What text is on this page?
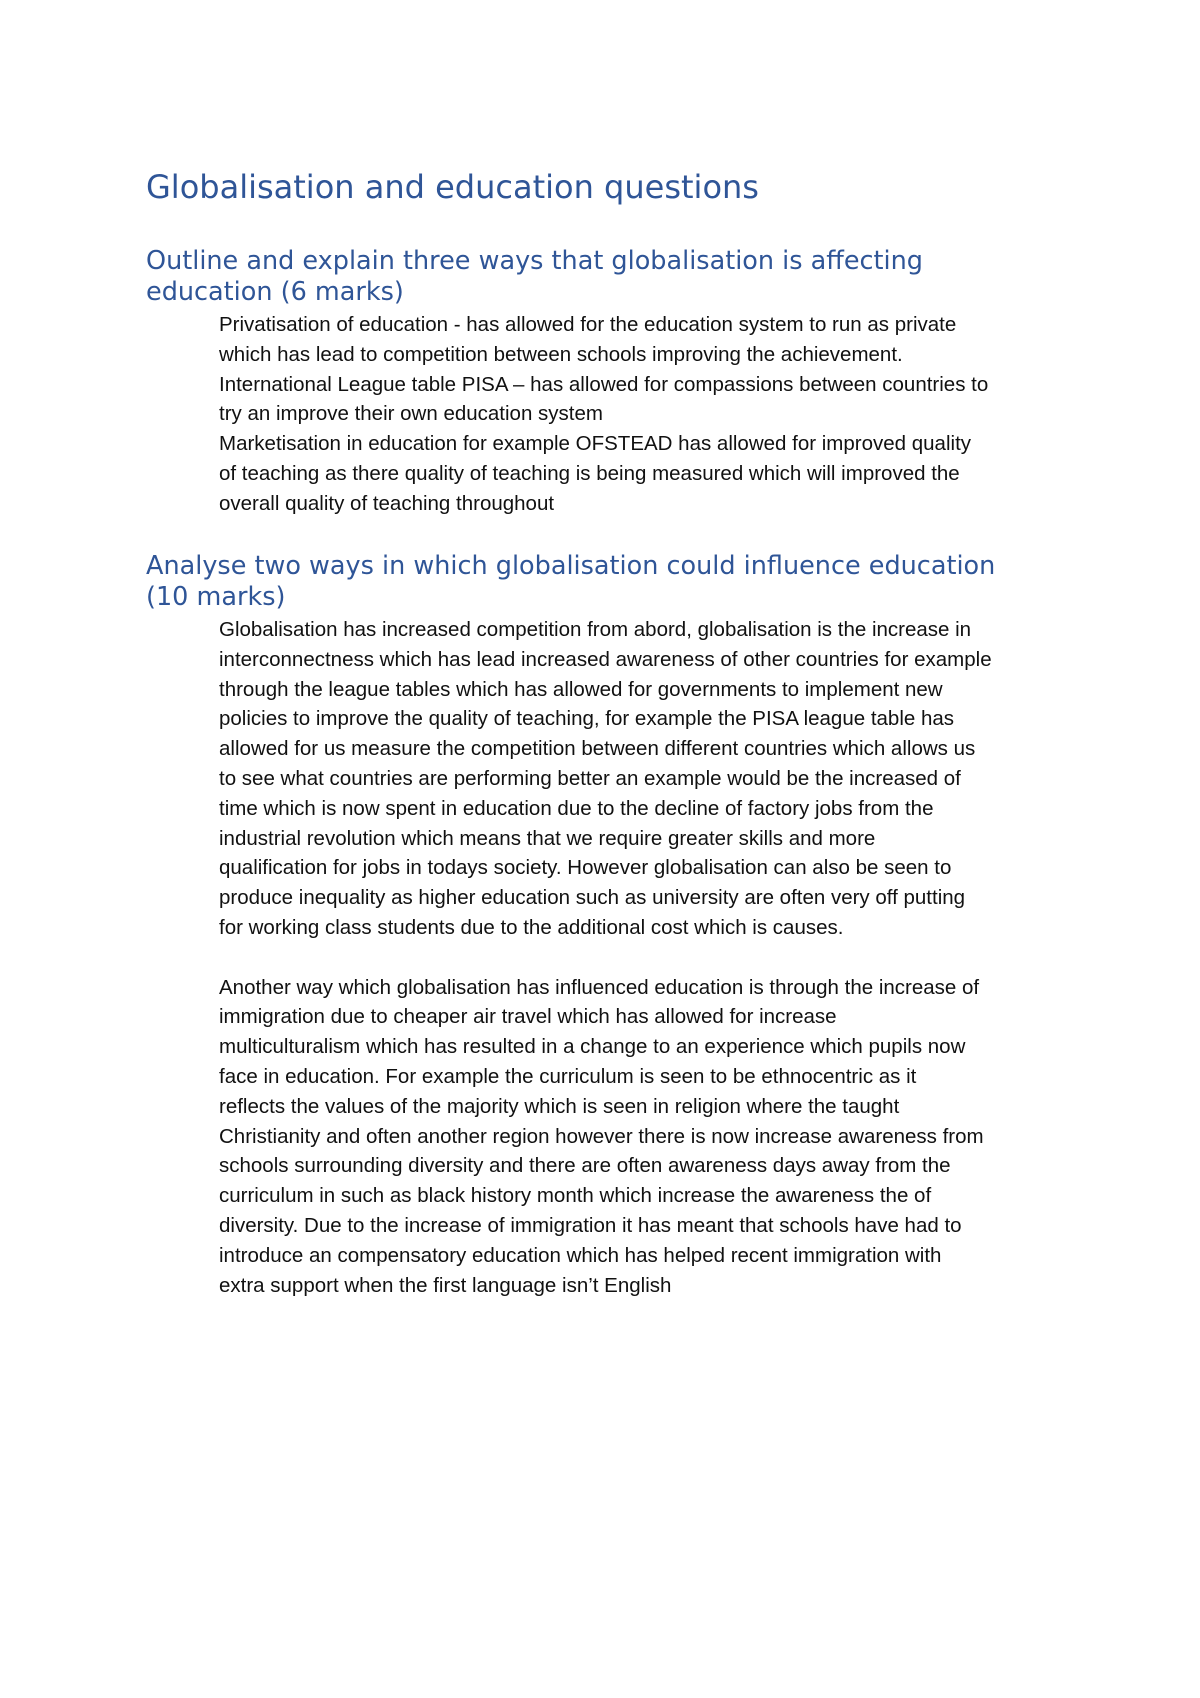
Globalisation and education questions
Outline and explain three ways that globalisation is affecting
education (6 marks)

Privatisation of education - has allowed for the education system to run as private

which has lead to competition between schools improving the achievement.

International League table PISA – has allowed for compassions between countries to

try an improve their own education system

Marketisation in education for example OFSTEAD has allowed for improved quality

of teaching as there quality of teaching is being measured which will improved the

overall quality of teaching throughout

Analyse two ways in which globalisation could influence education
(10 marks)

Globalisation has increased competition from abord, globalisation is the increase in

interconnectness which has lead increased awareness of other countries for example

through the league tables which has allowed for governments to implement new

policies to improve the quality of teaching, for example the PISA league table has

allowed for us measure the competition between different countries which allows us

to see what countries are performing better an example would be the increased of

time which is now spent in education due to the decline of factory jobs from the

industrial revolution which means that we require greater skills and more

qualification for jobs in todays society. However globalisation can also be seen to

produce inequality as higher education such as university are often very off putting

for working class students due to the additional cost which is causes.

Another way which globalisation has influenced education is through the increase of

immigration due to cheaper air travel which has allowed for increase

multiculturalism which has resulted in a change to an experience which pupils now

face in education. For example the curriculum is seen to be ethnocentric as it

reflects the values of the majority which is seen in religion where the taught

Christianity and often another region however there is now increase awareness from

schools surrounding diversity and there are often awareness days away from the

curriculum in such as black history month which increase the awareness the of

diversity. Due to the increase of immigration it has meant that schools have had to

introduce an compensatory education which has helped recent immigration with

extra support when the first language isn’t English
